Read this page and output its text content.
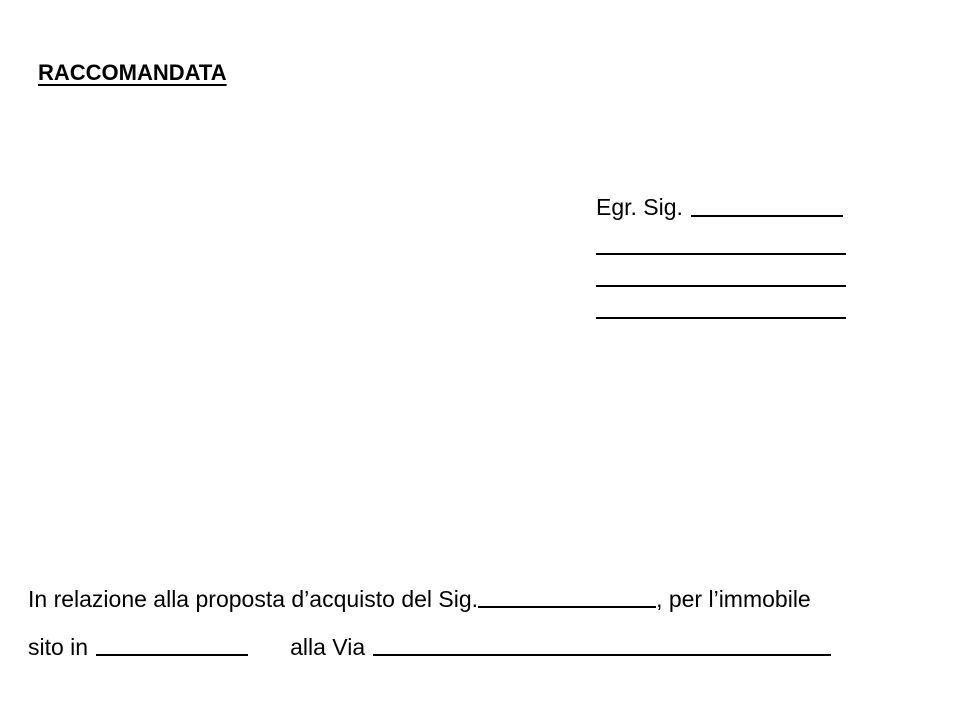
RACCOMANDATA
Egr. Sig.
In relazione alla proposta d’acquisto del Sig.	, per l’immobile
sito in	alla Via
